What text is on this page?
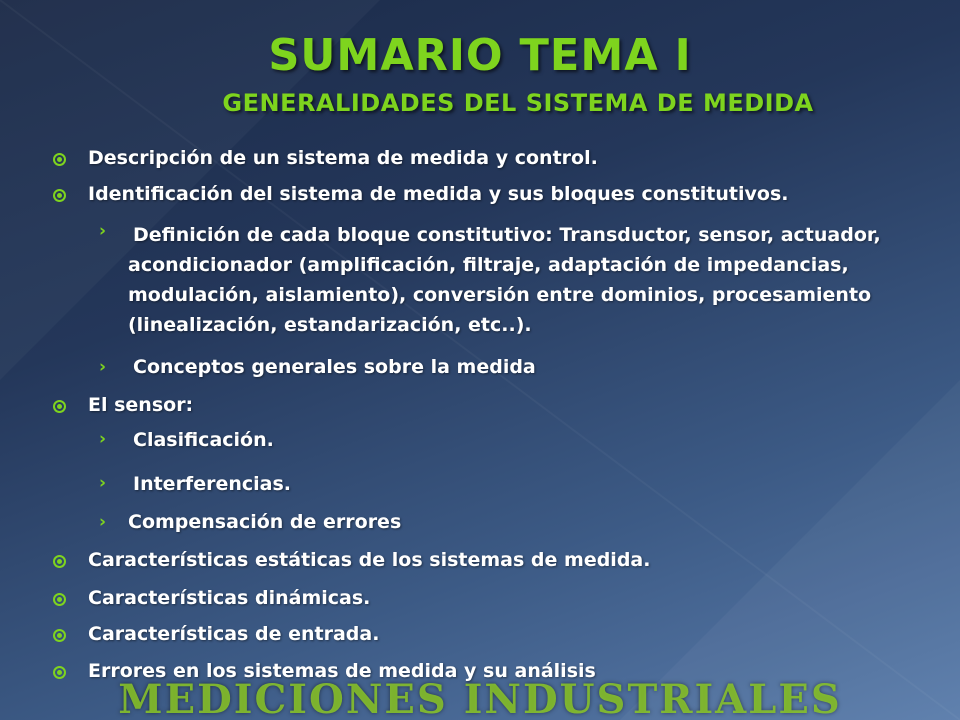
SUMARIO TEMA I
GENERALIDADES DEL SISTEMA DE MEDIDA
Descripción de un sistema de medida y control.
Identificación del sistema de medida y sus bloques constitutivos.
› Definición de cada bloque constitutivo: Transductor, sensor, actuador, acondicionador (amplificación, filtraje, adaptación de impedancias, modulación, aislamiento), conversión entre dominios, procesamiento (linealización, estandarización, etc..).
› Conceptos generales sobre la medida
El sensor:
› Clasificación.
› Interferencias.
› Compensación de errores
Características estáticas de los sistemas de medida.
Características dinámicas.
Características de entrada.
Errores en los sistemas de medida y su análisis
MEDICIONES INDUSTRIALES
